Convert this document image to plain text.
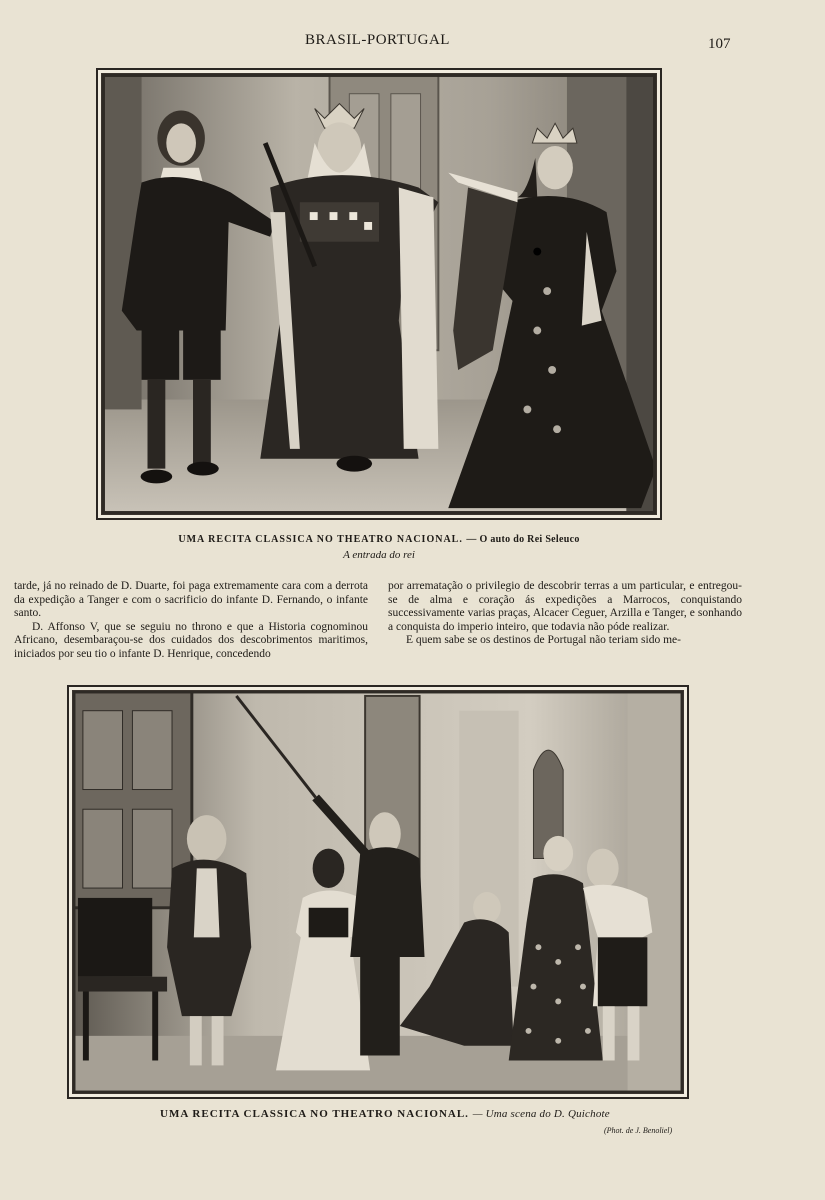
BRASIL-PORTUGAL	107
UMA RECITA CLASSICA NO THEATRO NACIONAL. — O auto do Rei Seleuco
A entrada do rei

tarde, já no reinado de D. Duarte, foi paga extremamente cara com a derrota da expedição a Tanger e com o sacrificio do infante D. Fernando, o infante santo.

D. Affonso V, que se seguiu no throno e que a Historia cognominou Africano, desembaraçou-se dos cuidados dos descobrimentos maritimos, iniciados por seu tio o infante D. Henrique, concedendo

por arrematação o privilegio de descobrir terras a um particular, e entregou-se de alma e coração ás expedições a Marrocos, conquistando successivamente varias praças, Alcacer Ceguer, Arzilla e Tanger, e sonhando a conquista do imperio inteiro, que todavia não póde realizar.

E quem sabe se os destinos de Portugal não teriam sido me-

UMA RECITA CLASSICA NO THEATRO NACIONAL. — Uma scena do D. Quichote
(Phot. de J. Benoliel)
